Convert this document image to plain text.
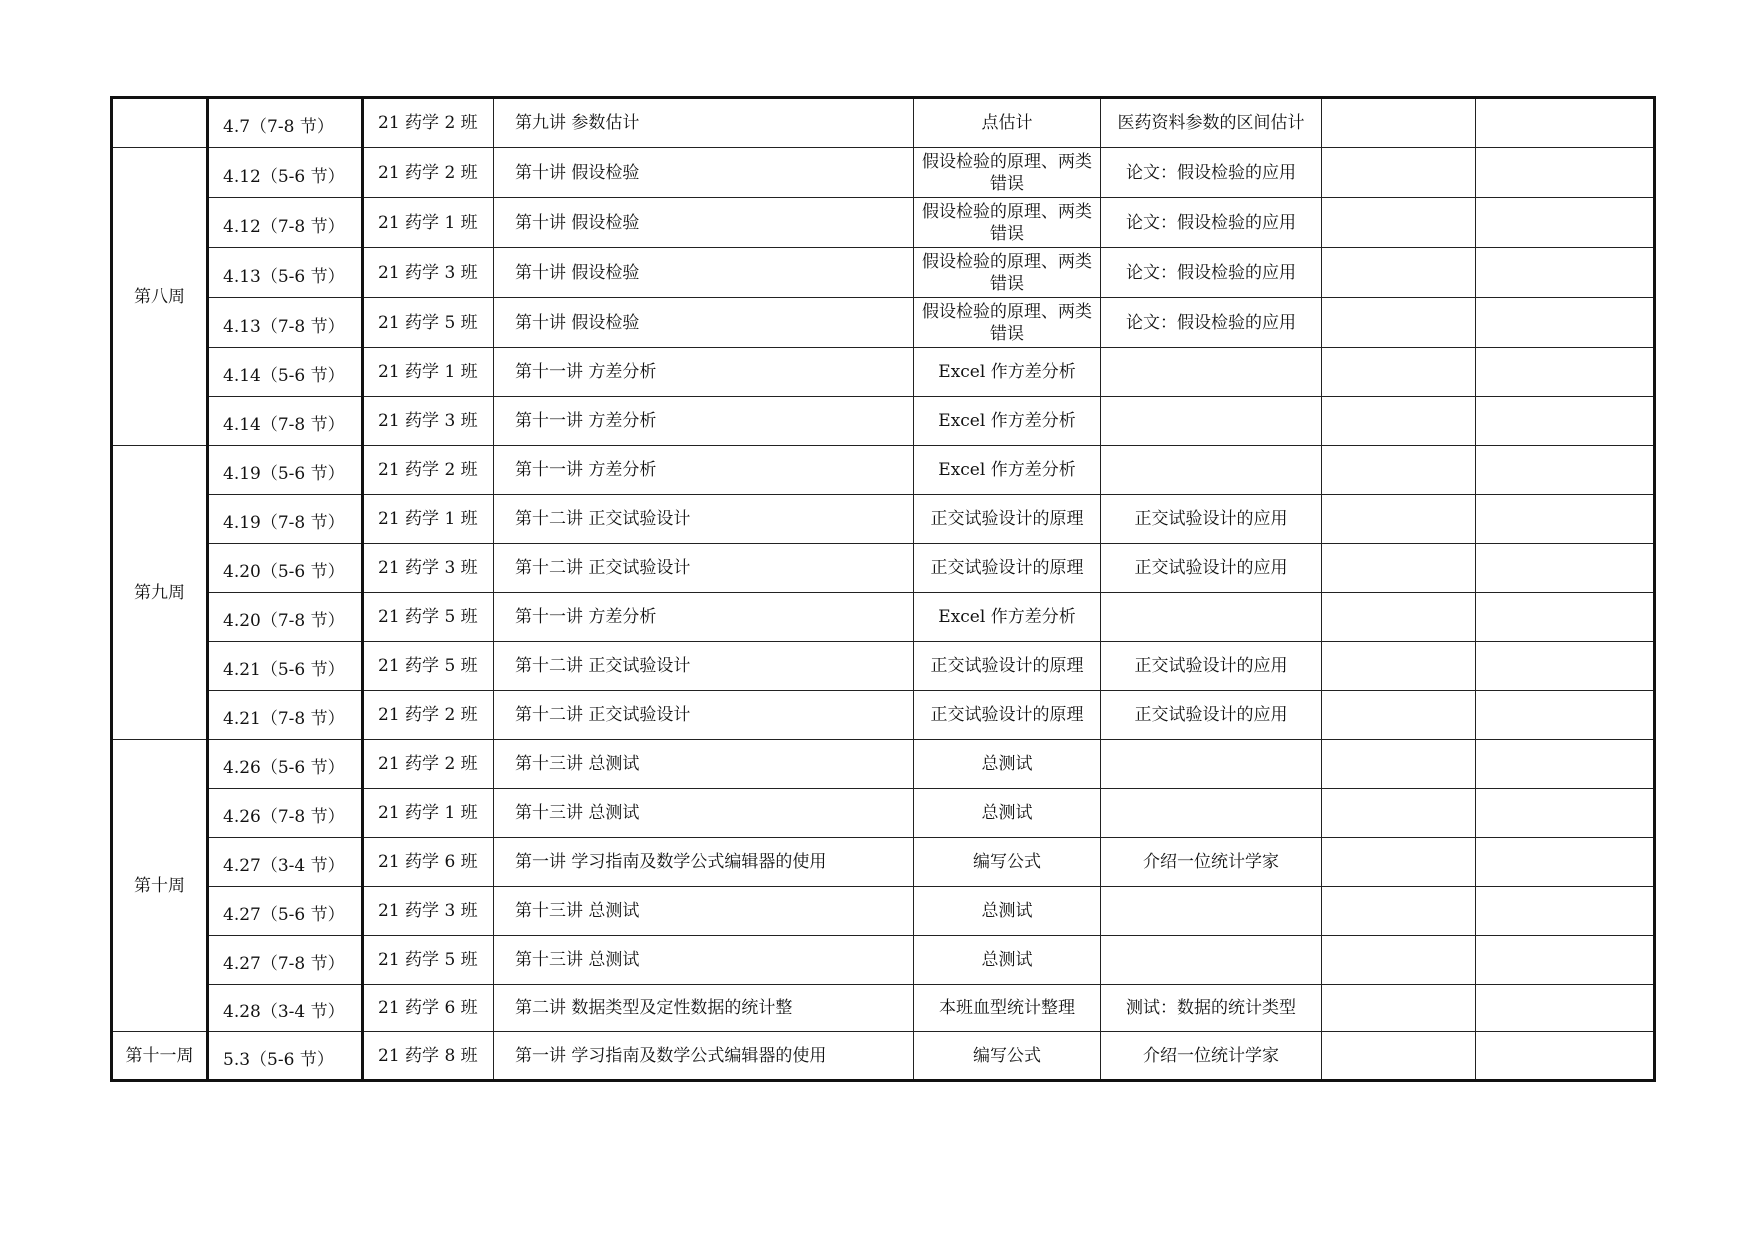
	4.7（7-8 节）	21 药学 2 班	第九讲 参数估计	点估计	医药资料参数的区间估计		
第八周	4.12（5-6 节）	21 药学 2 班	第十讲 假设检验	假设检验的原理、两类错误	论文：假设检验的应用		
	4.12（7-8 节）	21 药学 1 班	第十讲 假设检验	假设检验的原理、两类错误	论文：假设检验的应用		
	4.13（5-6 节）	21 药学 3 班	第十讲 假设检验	假设检验的原理、两类错误	论文：假设检验的应用		
	4.13（7-8 节）	21 药学 5 班	第十讲 假设检验	假设检验的原理、两类错误	论文：假设检验的应用		
	4.14（5-6 节）	21 药学 1 班	第十一讲 方差分析	Excel 作方差分析			
	4.14（7-8 节）	21 药学 3 班	第十一讲 方差分析	Excel 作方差分析			
第九周	4.19（5-6 节）	21 药学 2 班	第十一讲 方差分析	Excel 作方差分析			
	4.19（7-8 节）	21 药学 1 班	第十二讲 正交试验设计	正交试验设计的原理	正交试验设计的应用		
	4.20（5-6 节）	21 药学 3 班	第十二讲 正交试验设计	正交试验设计的原理	正交试验设计的应用		
	4.20（7-8 节）	21 药学 5 班	第十一讲 方差分析	Excel 作方差分析			
	4.21（5-6 节）	21 药学 5 班	第十二讲 正交试验设计	正交试验设计的原理	正交试验设计的应用		
	4.21（7-8 节）	21 药学 2 班	第十二讲 正交试验设计	正交试验设计的原理	正交试验设计的应用		
第十周	4.26（5-6 节）	21 药学 2 班	第十三讲 总测试	总测试			
	4.26（7-8 节）	21 药学 1 班	第十三讲 总测试	总测试			
	4.27（3-4 节）	21 药学 6 班	第一讲 学习指南及数学公式编辑器的使用	编写公式	介绍一位统计学家		
	4.27（5-6 节）	21 药学 3 班	第十三讲 总测试	总测试			
	4.27（7-8 节）	21 药学 5 班	第十三讲 总测试	总测试			
	4.28（3-4 节）	21 药学 6 班	第二讲 数据类型及定性数据的统计整	本班血型统计整理	测试：数据的统计类型		
第十一周	5.3（5-6 节）	21 药学 8 班	第一讲 学习指南及数学公式编辑器的使用	编写公式	介绍一位统计学家		
